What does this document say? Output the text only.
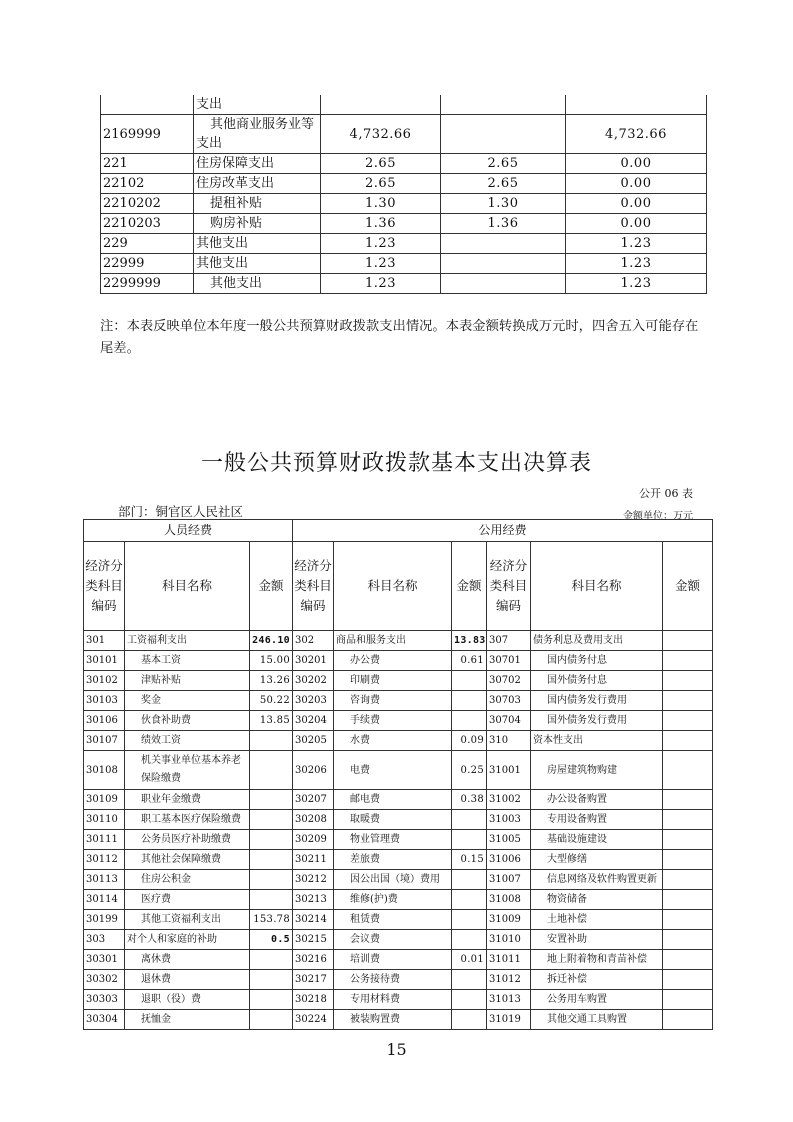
	支出			
2169999	其他商业服务业等支出	4,732.66		4,732.66
221	住房保障支出	2.65	2.65	0.00
22102	住房改革支出	2.65	2.65	0.00
2210202	提租补贴	1.30	1.30	0.00
2210203	购房补贴	1.36	1.36	0.00
229	其他支出	1.23		1.23
22999	其他支出	1.23		1.23
2299999	其他支出	1.23		1.23
注：本表反映单位本年度一般公共预算财政拨款支出情况。本表金额转换成万元时，四舍五入可能存在尾差。
一般公共预算财政拨款基本支出决算表
公开 06 表
部门：铜官区人民社区	金额单位：万元
人员经费			公用经费					
经济分类科目编码	科目名称	金额	经济分类科目编码	科目名称	金额	经济分类科目编码	科目名称	金额
301	工资福利支出	246.10	302	商品和服务支出	13.83	307	债务利息及费用支出	
30101	基本工资	15.00	30201	办公费	0.61	30701	国内债务付息	
30102	津贴补贴	13.26	30202	印刷费		30702	国外债务付息	
30103	奖金	50.22	30203	咨询费		30703	国内债务发行费用	
30106	伙食补助费	13.85	30204	手续费		30704	国外债务发行费用	
30107	绩效工资		30205	水费	0.09	310	资本性支出	
30108	机关事业单位基本养老保险缴费		30206	电费	0.25	31001	房屋建筑物购建	
30109	职业年金缴费		30207	邮电费	0.38	31002	办公设备购置	
30110	职工基本医疗保险缴费		30208	取暖费		31003	专用设备购置	
30111	公务员医疗补助缴费		30209	物业管理费		31005	基础设施建设	
30112	其他社会保障缴费		30211	差旅费	0.15	31006	大型修缮	
30113	住房公积金		30212	因公出国（境）费用		31007	信息网络及软件购置更新	
30114	医疗费		30213	维修(护)费		31008	物资储备	
30199	其他工资福利支出	153.78	30214	租赁费		31009	土地补偿	
303	对个人和家庭的补助	0.5	30215	会议费		31010	安置补助	
30301	离休费		30216	培训费	0.01	31011	地上附着物和青苗补偿	
30302	退休费		30217	公务接待费		31012	拆迁补偿	
30303	退职（役）费		30218	专用材料费		31013	公务用车购置	
30304	抚恤金		30224	被装购置费		31019	其他交通工具购置	
15
